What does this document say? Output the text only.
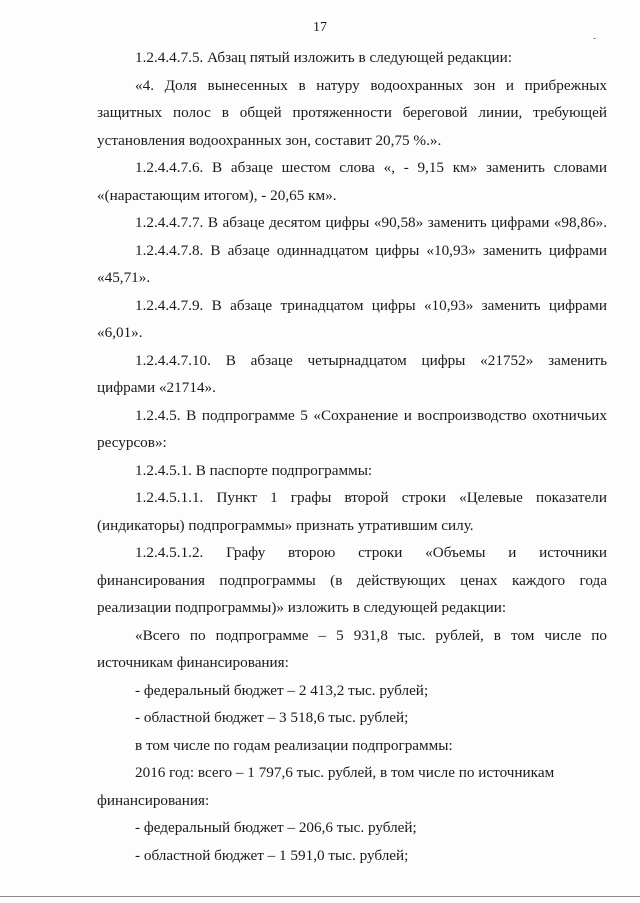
17
1.2.4.4.7.5. Абзац пятый изложить в следующей редакции:
«4. Доля вынесенных в натуру водоохранных зон и прибрежных
защитных полос в общей протяженности береговой линии, требующей
установления водоохранных зон, составит 20,75 %.».
1.2.4.4.7.6. В абзаце шестом слова «, - 9,15 км» заменить словами
«(нарастающим итогом), - 20,65 км».
1.2.4.4.7.7. В абзаце десятом цифры «90,58» заменить цифрами «98,86».
1.2.4.4.7.8. В абзаце одиннадцатом цифры «10,93» заменить цифрами
«45,71».
1.2.4.4.7.9. В абзаце тринадцатом цифры «10,93» заменить цифрами
«6,01».
1.2.4.4.7.10. В абзаце четырнадцатом цифры «21752» заменить
цифрами «21714».
1.2.4.5. В подпрограмме 5 «Сохранение и воспроизводство охотничьих
ресурсов»:
1.2.4.5.1. В паспорте подпрограммы:
1.2.4.5.1.1. Пункт 1 графы второй строки «Целевые показатели
(индикаторы) подпрограммы» признать утратившим силу.
1.2.4.5.1.2. Графу второю строки «Объемы и источники
финансирования подпрограммы (в действующих ценах каждого года
реализации подпрограммы)» изложить в следующей редакции:
«Всего по подпрограмме – 5 931,8 тыс. рублей, в том числе по
источникам финансирования:
- федеральный бюджет – 2 413,2 тыс. рублей;
- областной бюджет – 3 518,6 тыс. рублей;
в том числе по годам реализации подпрограммы:
2016 год: всего – 1 797,6 тыс. рублей, в том числе по источникам
финансирования:
- федеральный бюджет – 206,6 тыс. рублей;
- областной бюджет – 1 591,0 тыс. рублей;
